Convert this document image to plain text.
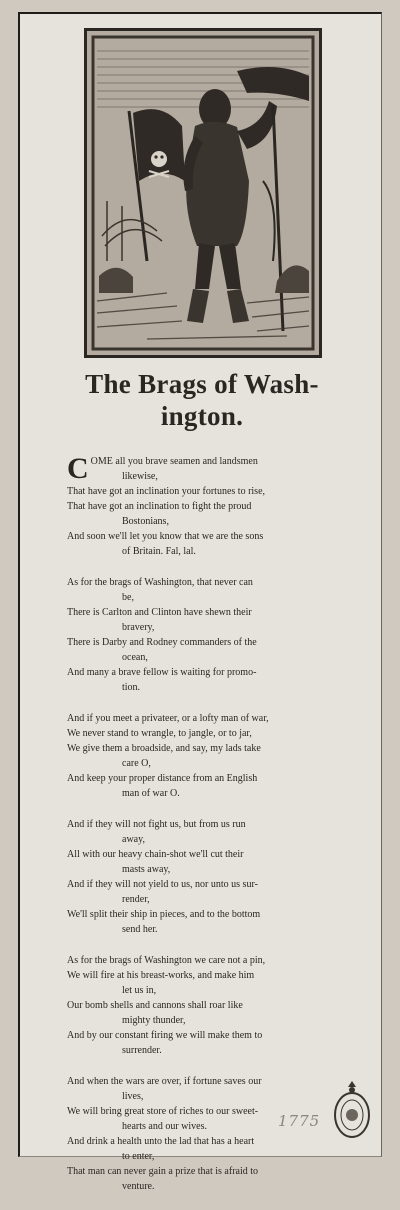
The Brags of Wash-
ington.
C OME all you brave seamen and landsmen
likewise,
That have got an inclination your fortunes to rise,
That have got an inclination to fight the proud
Bostonians,
And soon we'll let you know that we are the sons
of Britain. Fal, lal.
As for the brags of Washington, that never can
be,
There is Carlton and Clinton have shewn their
bravery,
There is Darby and Rodney commanders of the
ocean,
And many a brave fellow is waiting for promo-
tion.
And if you meet a privateer, or a lofty man of war,
We never stand to wrangle, to jangle, or to jar,
We give them a broadside, and say, my lads take
care O,
And keep your proper distance from an English
man of war O.
And if they will not fight us, but from us run
away,
All with our heavy chain-shot we'll cut their
masts away,
And if they will not yield to us, nor unto us sur-
render,
We'll split their ship in pieces, and to the bottom
send her.
As for the brags of Washington we care not a pin,
We will fire at his breast-works, and make him
let us in,
Our bomb shells and cannons shall roar like
mighty thunder,
And by our constant firing we will make them to
surrender.
And when the wars are over, if fortune saves our
lives,
We will bring great store of riches to our sweet-
hearts and our wives.
And drink a health unto the lad that has a heart
to enter,
That man can never gain a prize that is afraid to
venture.
1775
